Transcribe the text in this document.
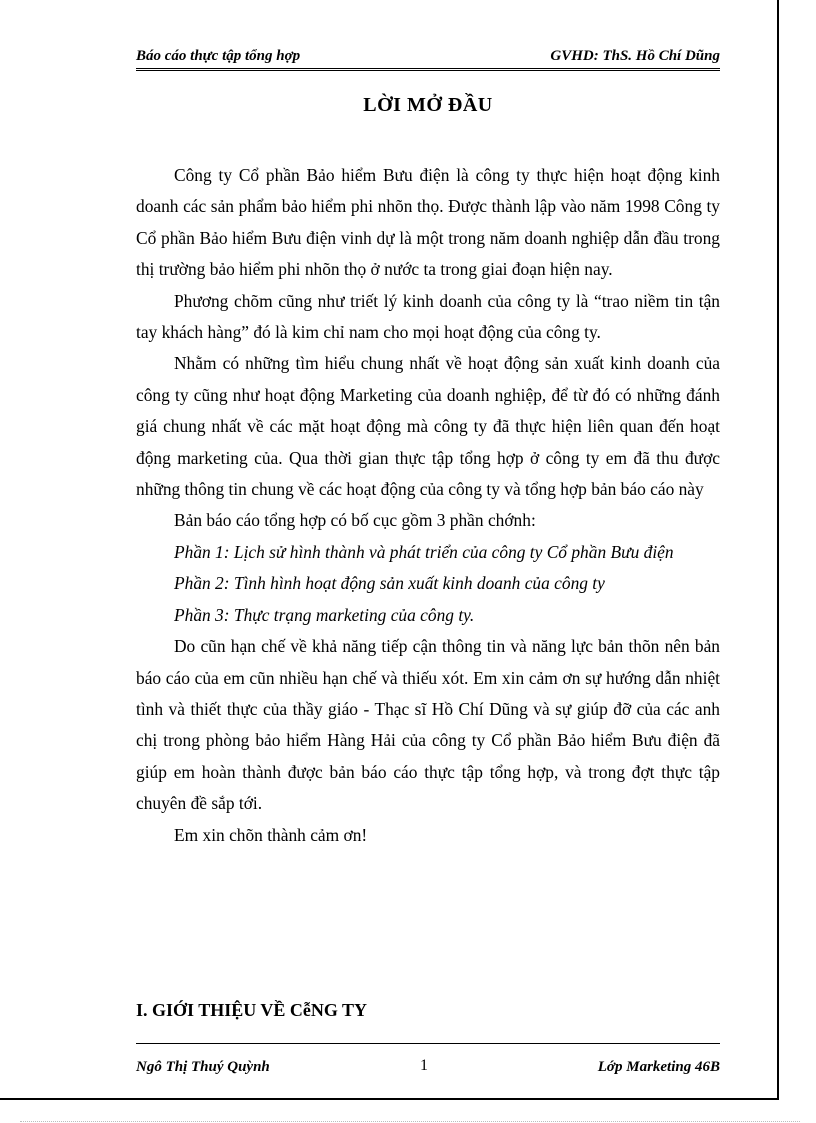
Báo cáo thực tập tổng hợp	GVHD: ThS. Hồ Chí Dũng
LỜI MỞ ĐẦU

Công ty Cổ phần Bảo hiểm Bưu điện là công ty thực hiện hoạt động kinh doanh các sản phẩm bảo hiểm phi nhõn thọ. Được thành lập vào năm 1998 Công ty Cổ phần Bảo hiểm Bưu điện vinh dự là một trong năm doanh nghiệp dẫn đầu trong thị trường bảo hiểm phi nhõn thọ ở nước ta trong giai đoạn hiện nay.

Phương chõm cũng như triết lý kinh doanh của công ty là “trao niềm tin tận tay khách hàng” đó là kim chỉ nam cho mọi hoạt động của công ty.

Nhằm có những tìm hiểu chung nhất về hoạt động sản xuất kinh doanh của công ty cũng như hoạt động Marketing của doanh nghiệp, để từ đó có những đánh giá chung nhất về các mặt hoạt động mà công ty đã thực hiện liên quan đến hoạt động marketing của. Qua thời gian thực tập tổng hợp ở công ty em đã thu được những thông tin chung về các hoạt động của công ty và tổng hợp bản báo cáo này

Bản báo cáo tổng hợp có bố cục gồm 3 phần chớnh:

Phần 1: Lịch sử hình thành và phát triển của công ty Cổ phần Bưu điện

Phần 2: Tình hình hoạt động sản xuất kinh doanh của công ty

Phần 3: Thực trạng marketing của công ty.

Do cũn hạn chế về khả năng tiếp cận thông tin và năng lực bản thõn nên bản báo cáo của em cũn nhiều hạn chế và thiếu xót. Em xin cảm ơn sự hướng dẫn nhiệt tình và thiết thực của thầy giáo - Thạc sĩ Hồ Chí Dũng và sự giúp đỡ của các anh chị trong phòng bảo hiểm Hàng Hải của công ty Cổ phần Bảo hiểm Bưu điện đã giúp em hoàn thành được bản báo cáo thực tập tổng hợp, và trong đợt thực tập chuyên đề sắp tới.

Em xin chõn thành cảm ơn!

I. GIỚI THIỆU VỀ CễNG TY
Ngô Thị Thuý Quỳnh	1	Lớp Marketing 46B
